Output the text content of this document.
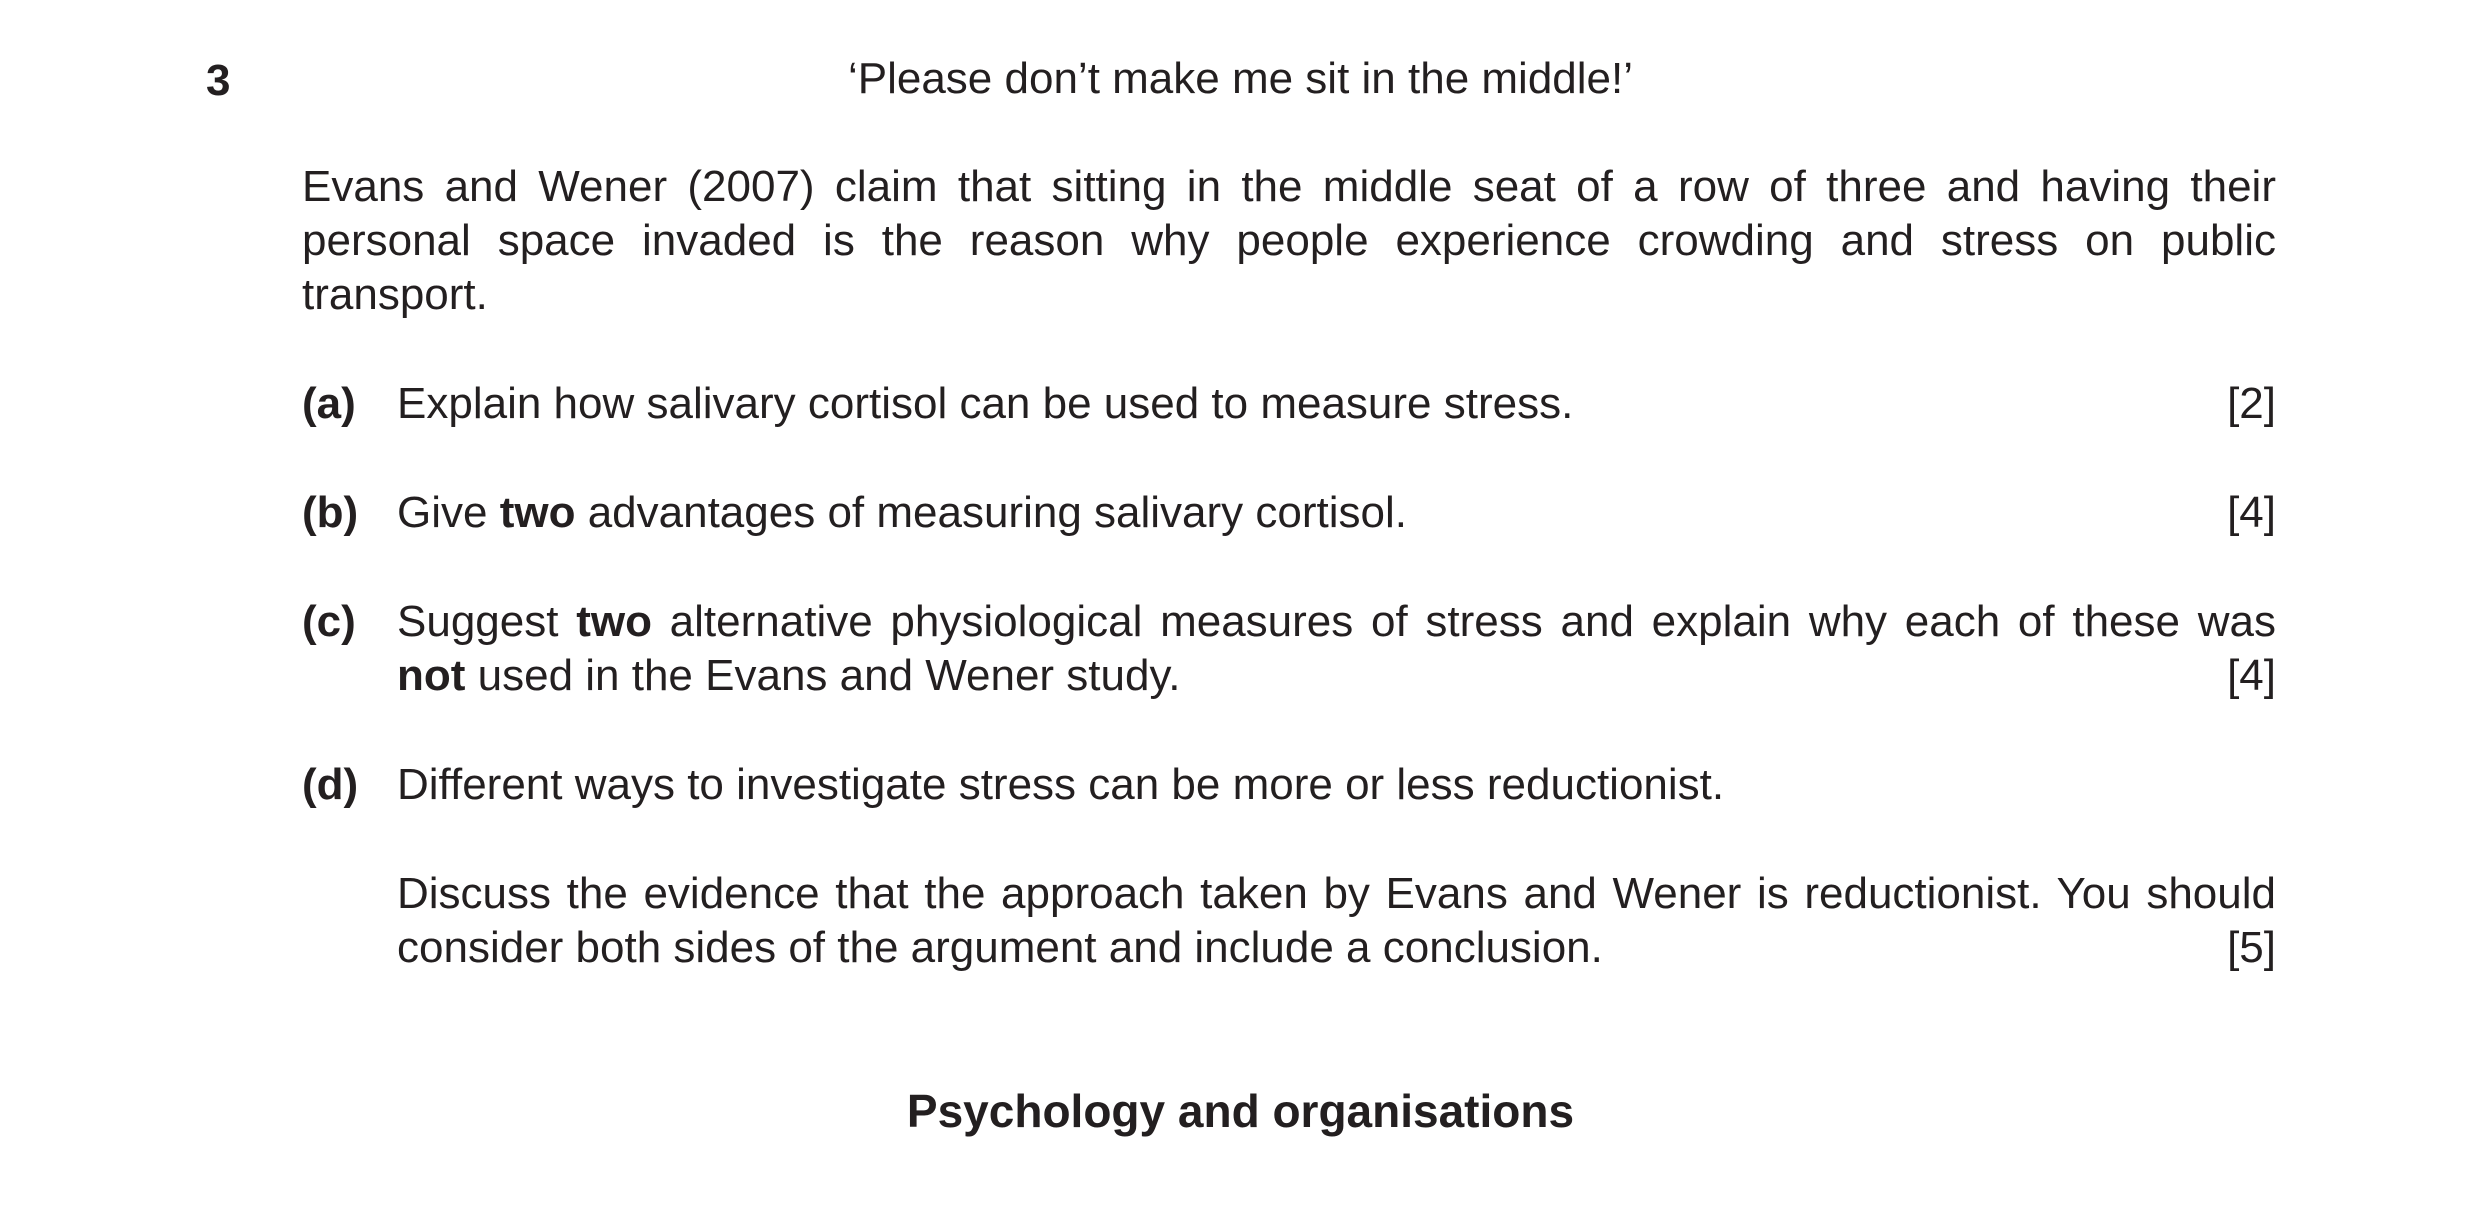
3	‘Please don’t make me sit in the middle!’
Evans and Wener (2007) claim that sitting in the middle seat of a row of three and having their personal space invaded is the reason why people experience crowding and stress on public transport.
(a)	[2]
Explain how salivary cortisol can be used to measure stress.
(b)	[4]
Give two advantages of measuring salivary cortisol.
(c) Suggest two alternative physiological measures of stress and explain why each of these was not used in the Evans and Wener study.	[4]
(d) Different ways to investigate stress can be more or less reductionist.
Discuss the evidence that the approach taken by Evans and Wener is reductionist. You should consider both sides of the argument and include a conclusion.	[5]
Psychology and organisations
